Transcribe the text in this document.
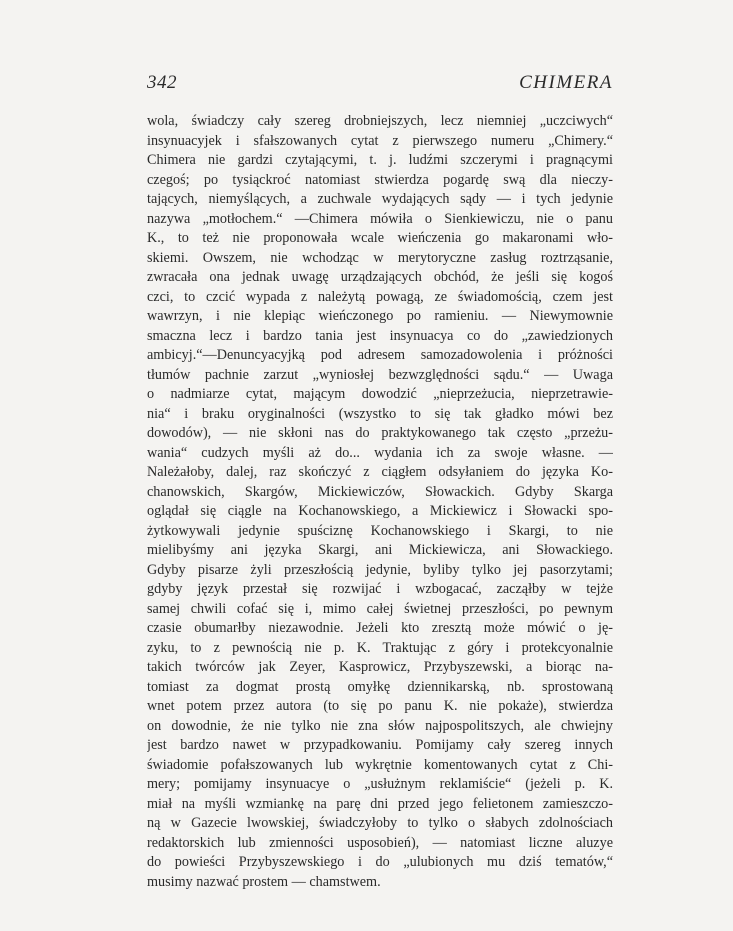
342	CHIMERA
wola, świadczy cały szereg drobniejszych, lecz niemniej „uczciwych“
insynuacyjek i sfałszowanych cytat z pierwszego numeru „Chimery.“
Chimera nie gardzi czytającymi, t. j. ludźmi szczerymi i pragnącymi
czegoś; po tysiąckroć natomiast stwierdza pogardę swą dla nieczy-
tających, niemyślących, a zuchwale wydających sądy — i tych jedynie
nazywa „motłochem.“ —Chimera mówiła o Sienkiewiczu, nie o panu
K., to też nie proponowała wcale wieńczenia go makaronami wło-
skiemi. Owszem, nie wchodząc w merytoryczne zasług roztrząsanie,
zwracała ona jednak uwagę urządzających obchód, że jeśli się kogoś
czci, to czcić wypada z należytą powagą, ze świadomością, czem jest
wawrzyn, i nie klepiąc wieńczonego po ramieniu. — Niewymownie
smaczna lecz i bardzo tania jest insynuacya co do „zawiedzionych
ambicyj.“—Denuncyacyjką pod adresem samozadowolenia i próżności
tłumów pachnie zarzut „wyniosłej bezwzględności sądu.“ — Uwaga
o nadmiarze cytat, mającym dowodzić „nieprzeżucia, nieprzetrawie-
nia“ i braku oryginalności (wszystko to się tak gładko mówi bez
dowodów), — nie skłoni nas do praktykowanego tak często „przeżu-
wania“ cudzych myśli aż do... wydania ich za swoje własne. —
Należałoby, dalej, raz skończyć z ciągłem odsyłaniem do języka Ko-
chanowskich, Skargów, Mickiewiczów, Słowackich. Gdyby Skarga
oglądał się ciągle na Kochanowskiego, a Mickiewicz i Słowacki spo-
żytkowywali jedynie spuściznę Kochanowskiego i Skargi, to nie
mielibyśmy ani języka Skargi, ani Mickiewicza, ani Słowackiego.
Gdyby pisarze żyli przeszłością jedynie, byliby tylko jej pasorzytami;
gdyby język przestał się rozwijać i wzbogacać, zacząłby w tejże
samej chwili cofać się i, mimo całej świetnej przeszłości, po pewnym
czasie obumarłby niezawodnie. Jeżeli kto zresztą może mówić o ję-
zyku, to z pewnością nie p. K. Traktując z góry i protekcyonalnie
takich twórców jak Zeyer, Kasprowicz, Przybyszewski, a biorąc na-
tomiast za dogmat prostą omyłkę dziennikarską, nb. sprostowaną
wnet potem przez autora (to się po panu K. nie pokaże), stwierdza
on dowodnie, że nie tylko nie zna słów najpospolitszych, ale chwiejny
jest bardzo nawet w przypadkowaniu. Pomijamy cały szereg innych
świadomie pofałszowanych lub wykrętnie komentowanych cytat z Chi-
mery; pomijamy insynuacye o „usłużnym reklamiście“ (jeżeli p. K.
miał na myśli wzmiankę na parę dni przed jego felietonem zamieszczo-
ną w Gazecie lwowskiej, świadczyłoby to tylko o słabych zdolnościach
redaktorskich lub zmienności usposobień), — natomiast liczne aluzye
do powieści Przybyszewskiego i do „ulubionych mu dziś tematów,“
musimy nazwać prostem — chamstwem.
